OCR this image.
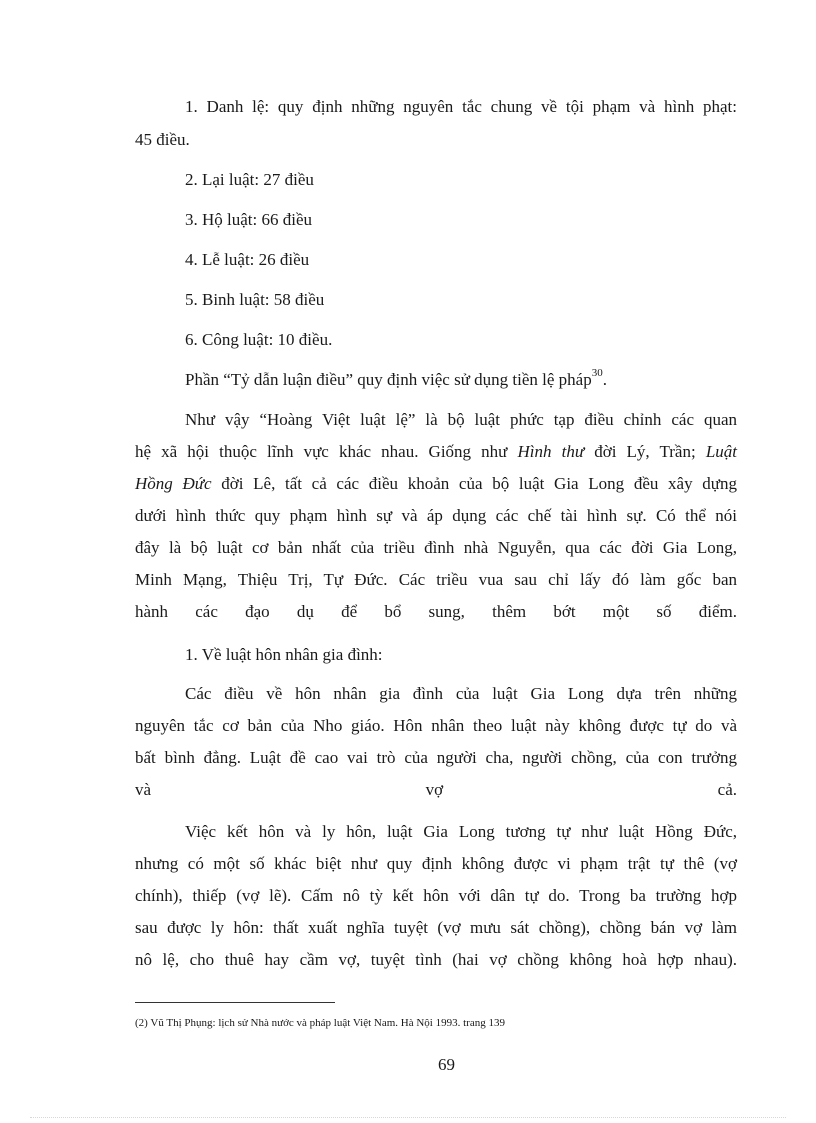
1. Danh lệ: quy định những nguyên tắc chung về tội phạm và hình phạt:
45 điều.
2. Lại luật: 27 điều
3. Hộ luật: 66 điều
4. Lễ luật: 26 điều
5. Binh luật: 58 điều
6. Công luật: 10 điều.
Phần “Tỷ dẫn luận điều” quy định việc sử dụng tiền lệ pháp$^{30}$.
Như vậy “Hoàng Việt luật lệ” là bộ luật phức tạp điều chỉnh các quan
hệ xã hội thuộc lĩnh vực khác nhau. Giống như Hình thư đời Lý, Trần; Luật
Hồng Đức đời Lê, tất cả các điều khoản của bộ luật Gia Long đều xây dựng
dưới hình thức quy phạm hình sự và áp dụng các chế tài hình sự. Có thể nói
đây là bộ luật cơ bản nhất của triều đình nhà Nguyễn, qua các đời Gia Long,
Minh Mạng, Thiệu Trị, Tự Đức. Các triều vua sau chỉ lấy đó làm gốc ban
hành các đạo dụ để bổ sung, thêm bớt một số điểm.
1. Về luật hôn nhân gia đình:
Các điều về hôn nhân gia đình của luật Gia Long dựa trên những
nguyên tắc cơ bản của Nho giáo. Hôn nhân theo luật này không được tự do và
bất bình đẳng. Luật đề cao vai trò của người cha, người chồng, của con trưởng
và vợ cả.
Việc kết hôn và ly hôn, luật Gia Long tương tự như luật Hồng Đức,
nhưng có một số khác biệt như quy định không được vi phạm trật tự thê (vợ
chính), thiếp (vợ lẽ). Cấm nô tỳ kết hôn với dân tự do. Trong ba trường hợp
sau được ly hôn: thất xuất nghĩa tuyệt (vợ mưu sát chồng), chồng bán vợ làm
nô lệ, cho thuê hay cầm vợ, tuyệt tình (hai vợ chồng không hoà hợp nhau).
(2) Vũ Thị Phụng: lịch sử Nhà nước và pháp luật Việt Nam. Hà Nội 1993. trang 139
69
